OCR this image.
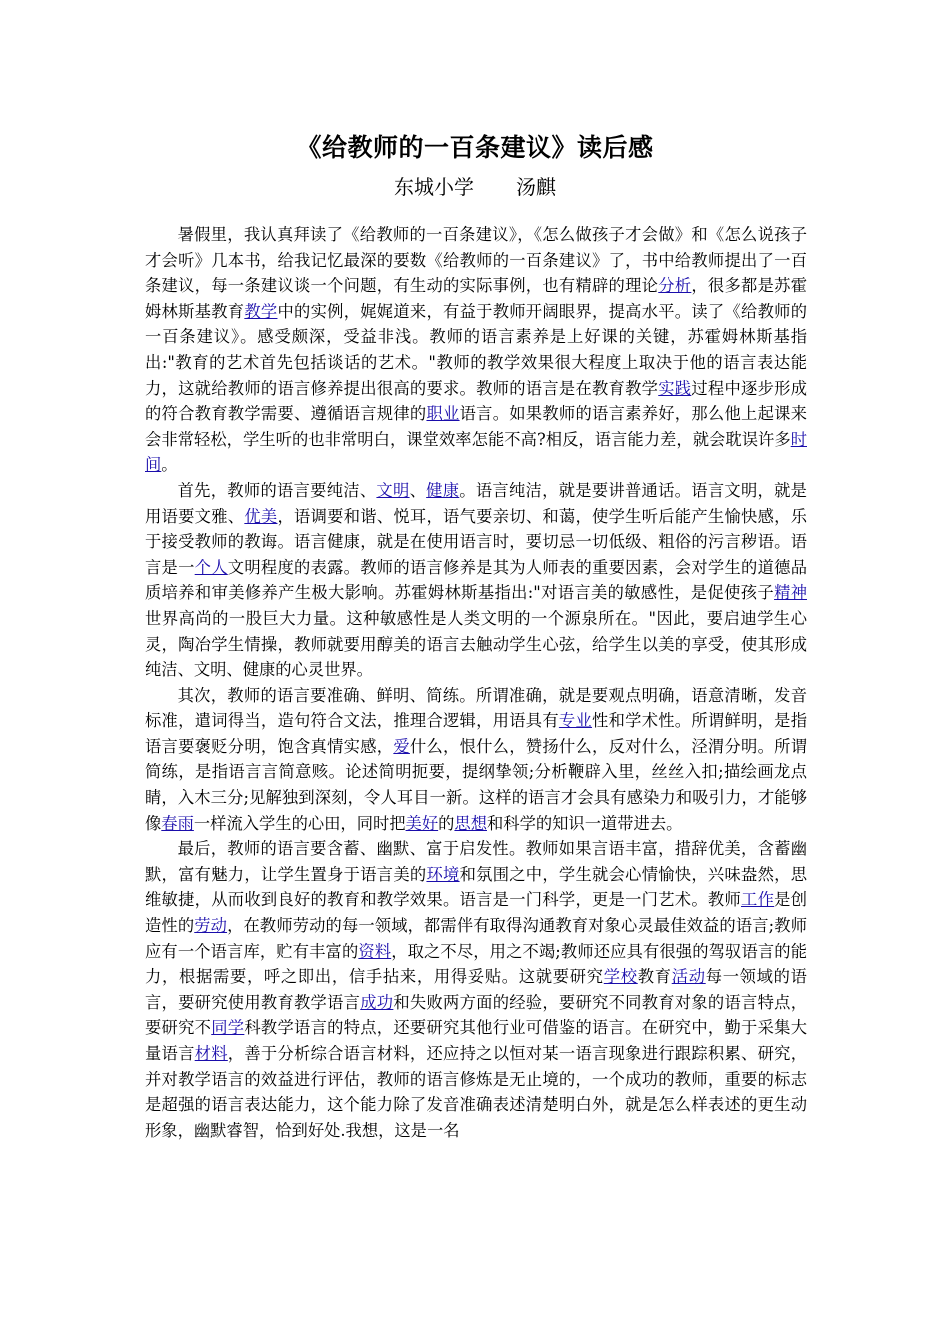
《给教师的一百条建议》读后感
东城小学 汤麒

暑假里，我认真拜读了《给教师的一百条建议》，《怎么做孩子才会做》和《怎么说孩子才会听》几本书，给我记忆最深的要数《给教师的一百条建议》了，书中给教师提出了一百条建议，每一条建议谈一个问题，有生动的实际事例，也有精辟的理论分析，很多都是苏霍姆林斯基教育教学中的实例，娓娓道来，有益于教师开阔眼界，提高水平。读了《给教师的一百条建议》。感受颇深，受益非浅。教师的语言素养是上好课的关键，苏霍姆林斯基指出:"教育的艺术首先包括谈话的艺术。"教师的教学效果很大程度上取决于他的语言表达能力，这就给教师的语言修养提出很高的要求。教师的语言是在教育教学实践过程中逐步形成的符合教育教学需要、遵循语言规律的职业语言。如果教师的语言素养好，那么他上起课来会非常轻松，学生听的也非常明白，课堂效率怎能不高?相反，语言能力差，就会耽误许多时间。

首先，教师的语言要纯洁、文明、健康。语言纯洁，就是要讲普通话。语言文明，就是用语要文雅、优美，语调要和谐、悦耳，语气要亲切、和蔼，使学生听后能产生愉快感，乐于接受教师的教诲。语言健康，就是在使用语言时，要切忌一切低级、粗俗的污言秽语。语言是一个人文明程度的表露。教师的语言修养是其为人师表的重要因素，会对学生的道德品质培养和审美修养产生极大影响。苏霍姆林斯基指出:"对语言美的敏感性，是促使孩子精神世界高尚的一股巨大力量。这种敏感性是人类文明的一个源泉所在。"因此，要启迪学生心灵，陶冶学生情操，教师就要用醇美的语言去触动学生心弦，给学生以美的享受，使其形成纯洁、文明、健康的心灵世界。

其次，教师的语言要准确、鲜明、简练。所谓准确，就是要观点明确，语意清晰，发音标准，遣词得当，造句符合文法，推理合逻辑，用语具有专业性和学术性。所谓鲜明，是指语言要褒贬分明，饱含真情实感，爱什么，恨什么，赞扬什么，反对什么，泾渭分明。所谓简练，是指语言言简意赅。论述简明扼要，提纲挚领;分析鞭辟入里，丝丝入扣;描绘画龙点睛，入木三分;见解独到深刻，令人耳目一新。这样的语言才会具有感染力和吸引力，才能够像春雨一样流入学生的心田，同时把美好的思想和科学的知识一道带进去。

最后，教师的语言要含蓄、幽默、富于启发性。教师如果言语丰富，措辞优美，含蓄幽默，富有魅力，让学生置身于语言美的环境和氛围之中，学生就会心情愉快，兴味盎然，思维敏捷，从而收到良好的教育和教学效果。语言是一门科学，更是一门艺术。教师工作是创造性的劳动，在教师劳动的每一领域，都需伴有取得沟通教育对象心灵最佳效益的语言;教师应有一个语言库，贮有丰富的资料，取之不尽，用之不竭;教师还应具有很强的驾驭语言的能力，根据需要，呼之即出，信手拈来，用得妥贴。这就要研究学校教育活动每一领域的语言，要研究使用教育教学语言成功和失败两方面的经验，要研究不同教育对象的语言特点，要研究不同学科教学语言的特点，还要研究其他行业可借鉴的语言。在研究中，勤于采集大量语言材料，善于分析综合语言材料，还应持之以恒对某一语言现象进行跟踪积累、研究，并对教学语言的效益进行评估，教师的语言修炼是无止境的，一个成功的教师，重要的标志是超强的语言表达能力，这个能力除了发音准确表述清楚明白外，就是怎么样表述的更生动形象，幽默睿智，恰到好处.我想，这是一名
